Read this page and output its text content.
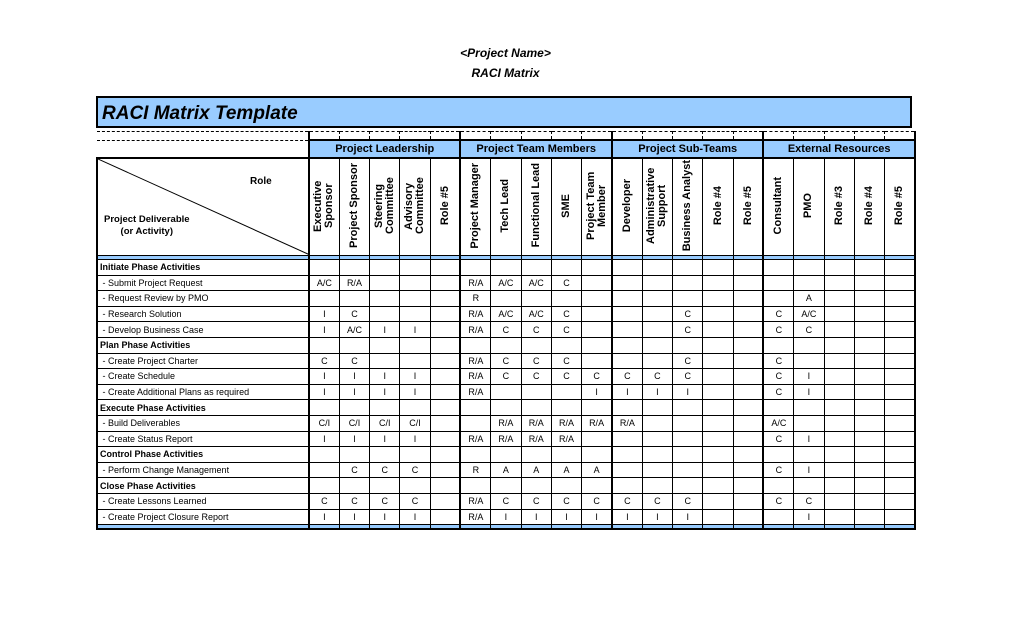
<Project Name>
RACI Matrix
RACI Matrix Template

	Project Leadership					Project Team Members					Project Sub-Teams					External Resources				

Role
Project Deliverable
(or Activity)	Executive Sponsor	Project Sponsor	Steering Committee	Advisory Committee	Role #5	Project Manager	Tech Lead	Functional Lead	SME	Project Team Member	Developer	Administrative Support	Business Analyst	Role #4	Role #5	Consultant	PMO	Role #3	Role #4	Role #5

Initiate Phase Activities																				
- Submit Project Request	A/C	R/A				R/A	A/C	A/C	C											
- Request Review by PMO						R											A			
- Research Solution	I	C				R/A	A/C	A/C	C				C			C	A/C			
- Develop Business Case	I	A/C	I	I		R/A	C	C	C				C			C	C			
Plan Phase Activities																				
- Create Project Charter	C	C				R/A	C	C	C				C			C				
- Create Schedule	I	I	I	I		R/A	C	C	C	C	C	C	C			C	I			
- Create Additional Plans as required	I	I	I	I		R/A				I	I	I	I			C	I			
Execute Phase Activities																				
- Build Deliverables	C/I	C/I	C/I	C/I			R/A	R/A	R/A	R/A	R/A					A/C				
- Create Status Report	I	I	I	I		R/A	R/A	R/A	R/A							C	I			
Control Phase Activities																				
- Perform Change Management		C	C	C		R	A	A	A	A						C	I			
Close Phase Activities																				
- Create Lessons Learned	C	C	C	C		R/A	C	C	C	C	C	C	C			C	C			
- Create Project Closure Report	I	I	I	I		R/A	I	I	I	I	I	I	I				I			
